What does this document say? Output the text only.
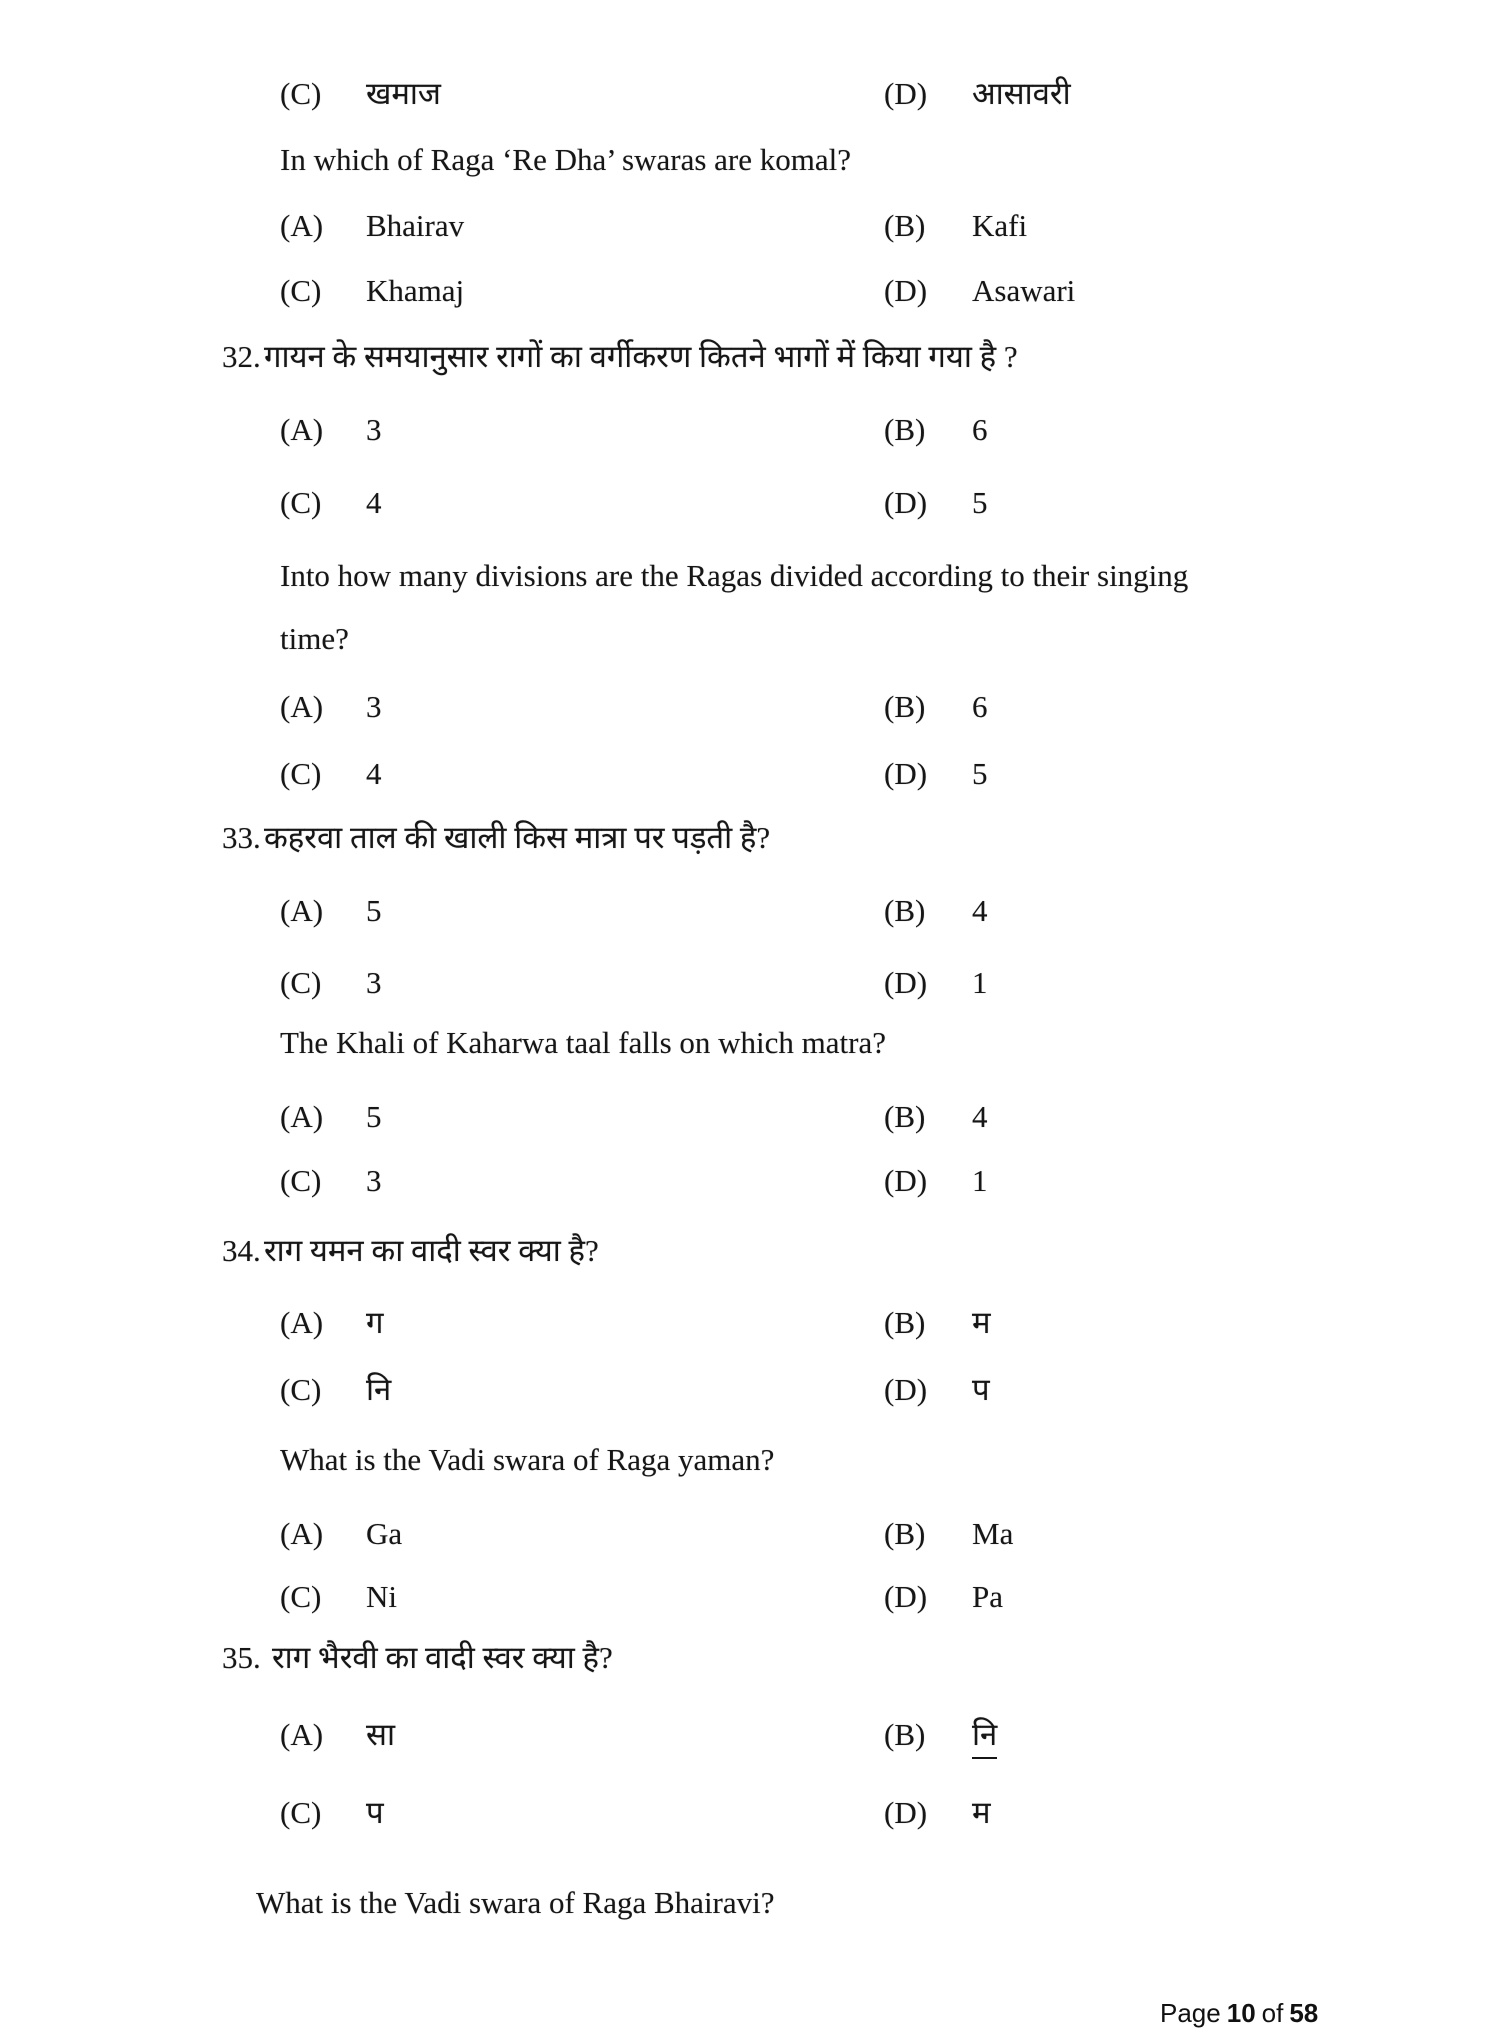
(C) खमाज	(D) आसावरी
In which of Raga ‘Re Dha’ swaras are komal?
(A) Bhairav	(B) Kafi
(C) Khamaj	(D) Asawari
32. गायन के समयानुसार रागों का वर्गीकरण कितने भागों में किया गया है ?
(A) 3	(B) 6
(C) 4	(D) 5
Into how many divisions are the Ragas divided according to their singing
time?
(A) 3	(B) 6
(C) 4	(D) 5
33. कहरवा ताल की खाली किस मात्रा पर पड़ती है?
(A) 5	(B) 4
(C) 3	(D) 1
The Khali of Kaharwa taal falls on which matra?
(A) 5	(B) 4
(C) 3	(D) 1
34. राग यमन का वादी स्वर क्या है?
(A) ग	(B) म
(C) नि	(D) प
What is the Vadi swara of Raga yaman?
(A) Ga	(B) Ma
(C) Ni	(D) Pa
35. राग भैरवी का वादी स्वर क्या है?
(A) सा	(B) नि
(C) प	(D) म
What is the Vadi swara of Raga Bhairavi?
Page 10 of 58
